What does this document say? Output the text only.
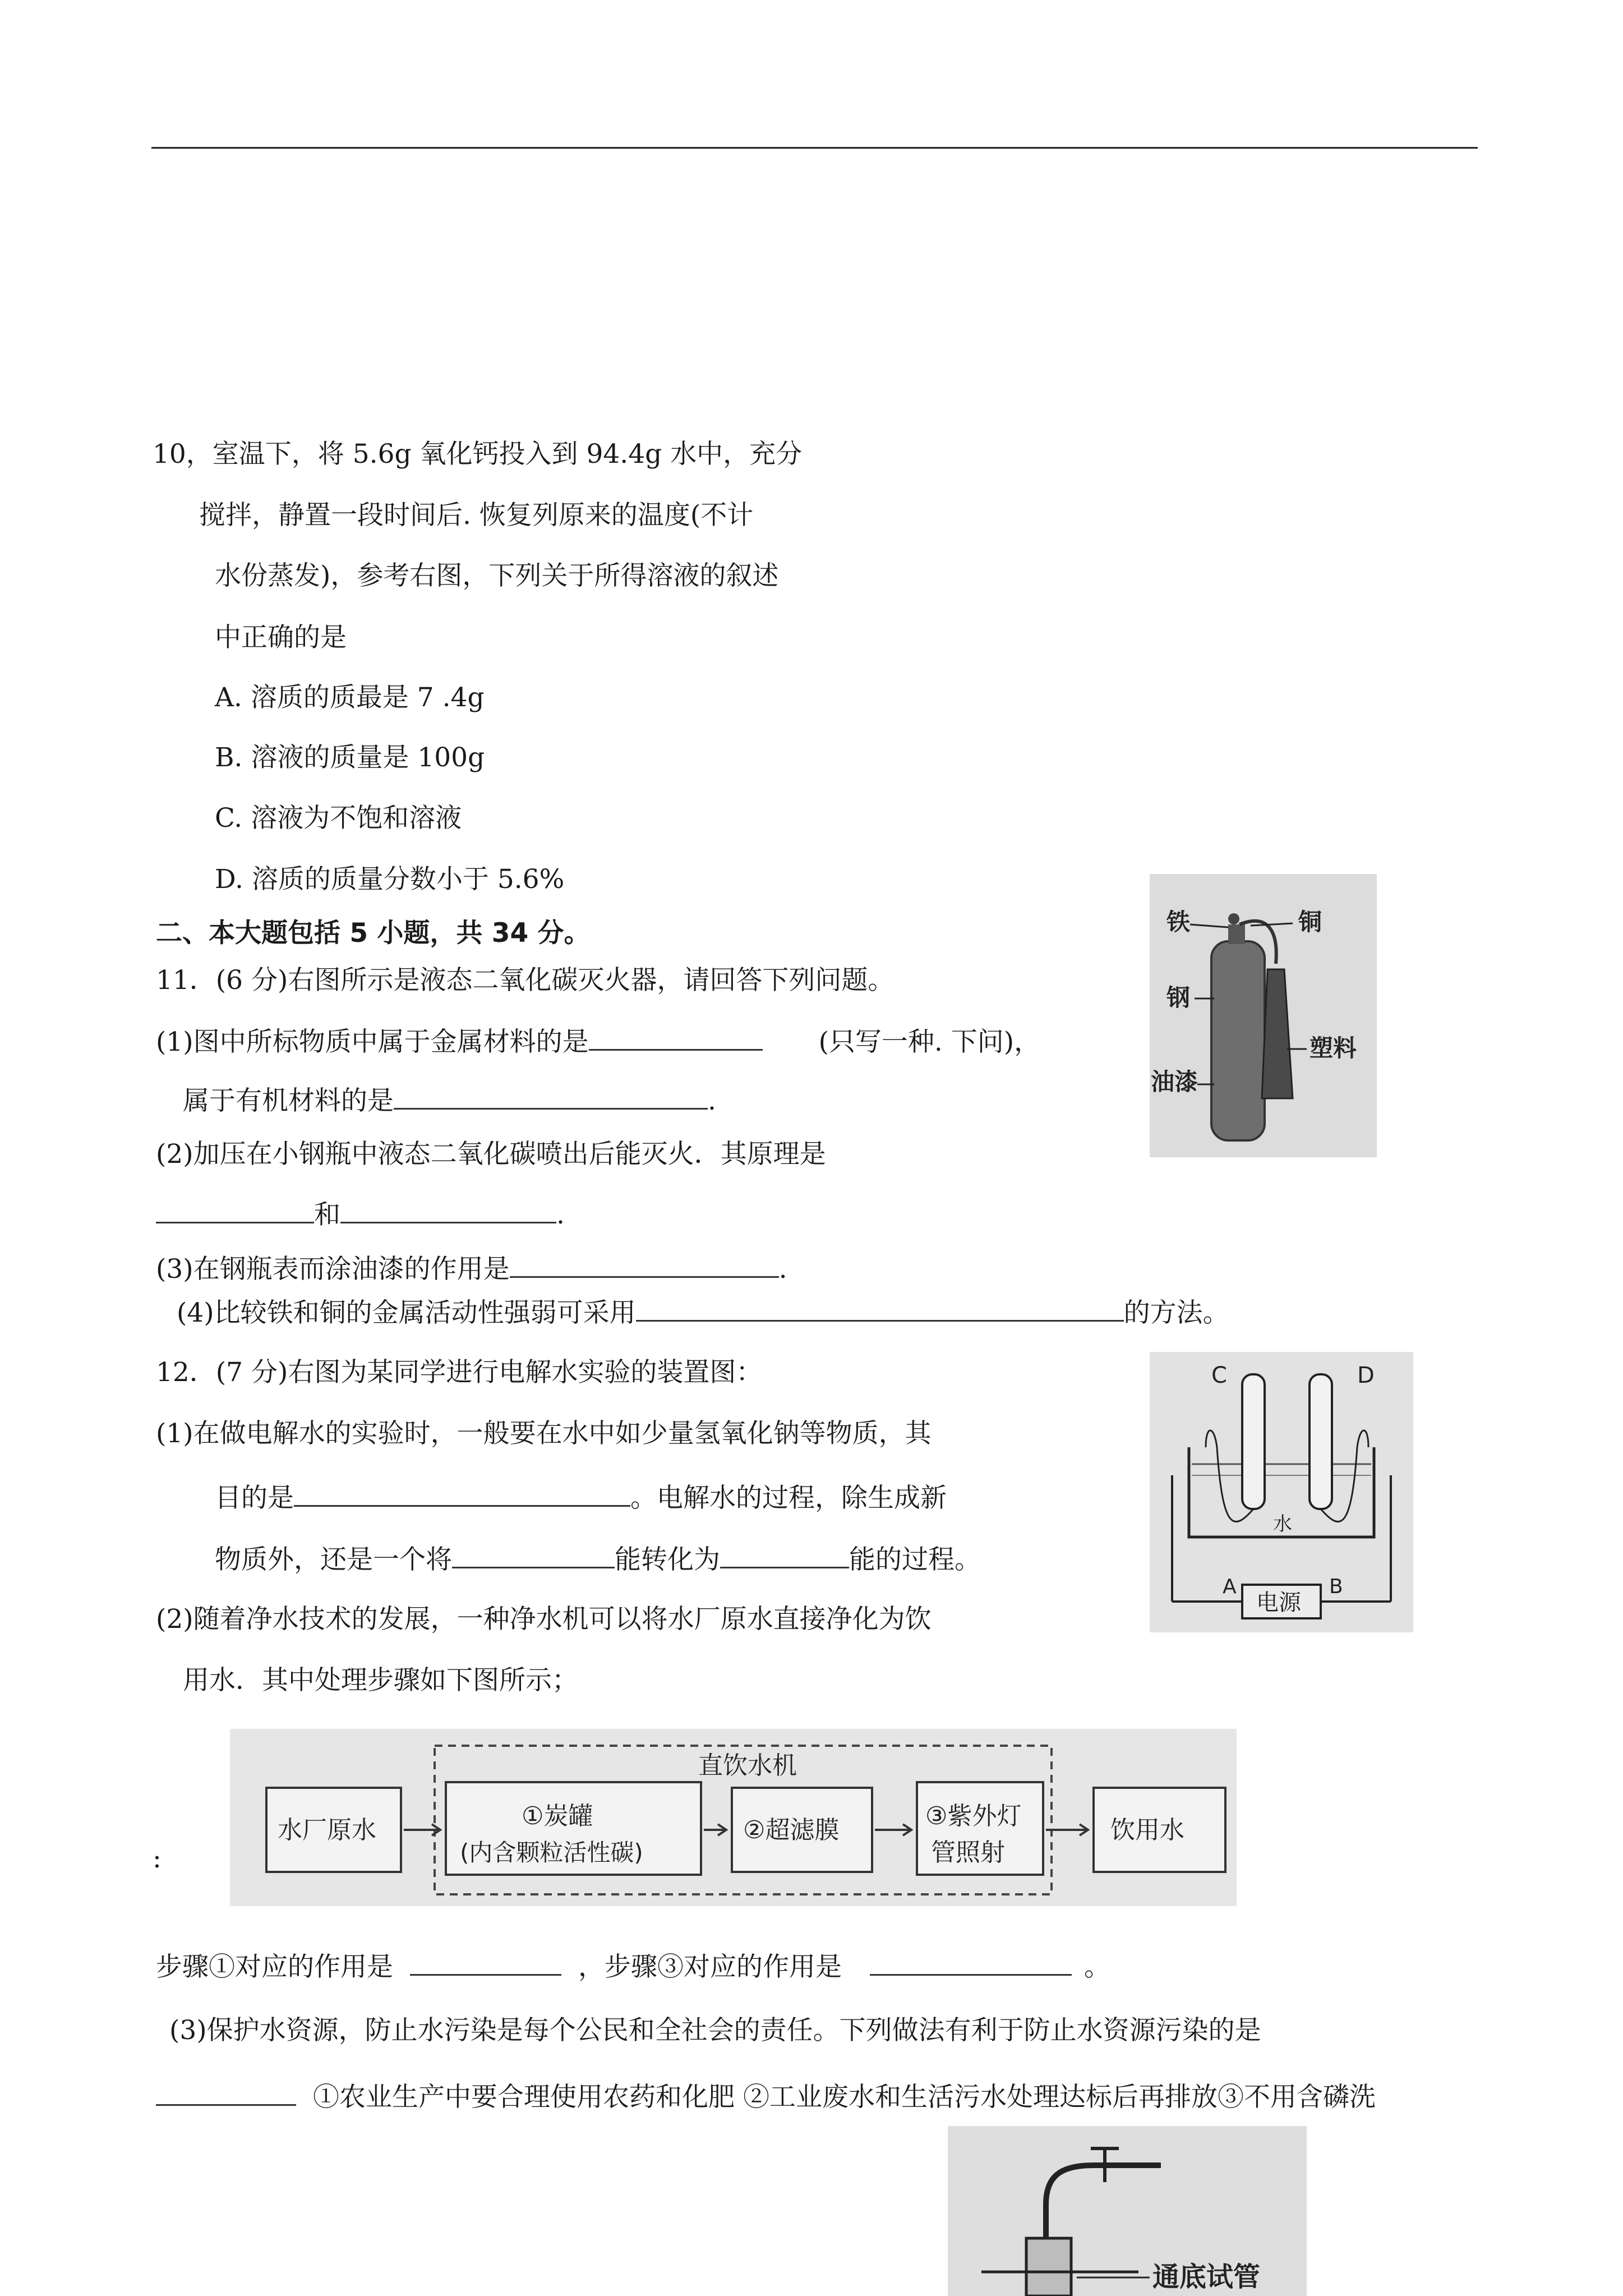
10，室温下，将 5.6g 氧化钙投入到 94.4g 水中，充分
搅拌，静置一段时间后. 恢复列原来的温度(不计
水份蒸发)，参考右图，下列关于所得溶液的叙述
中正确的是
A. 溶质的质最是 7 .4g
B. 溶液的质量是 100g
C. 溶液为不饱和溶液
D. 溶质的质量分数小于 5.6%
二、本大题包括 5 小题，共 34 分。
11．(6 分)右图所示是液态二氧化碳灭火器，请回答下列问题。
(1)图中所标物质中属于金属材料的是	(只写一种. 下问)，
属于有机材料的是	.
(2)加压在小钢瓶中液态二氧化碳喷出后能灭火．其原理是
和	.
(3)在钢瓶表而涂油漆的作用是	.
(4)比较铁和铜的金属活动性强弱可采用	的方法。
12．(7 分)右图为某同学进行电解水实验的装置图：
(1)在做电解水的实验时，一般要在水中如少量氢氧化钠等物质，其
目的是	。电解水的过程，除生成新
物质外，还是一个将	能转化为	能的过程。
(2)随着净水技术的发展，一种净水机可以将水厂原水直接净化为饮
用水．其中处理步骤如下图所示；
:
步骤①对应的作用是	，步骤③对应的作用是	。
(3)保护水资源，防止水污染是每个公民和全社会的责任。下列做法有利于防止水资源污染的是
①农业生产中要合理使用农药和化肥 ②工业废水和生活污水处理达标后再排放③不用含磷洗
铁	铜
钢
塑料
油漆
C	D
A	B
水
电源
直饮水机
水厂原水	①炭罐
(内含颗粒活性碳)
②超滤膜	③紫外灯
管照射
饮用水
通底试管
